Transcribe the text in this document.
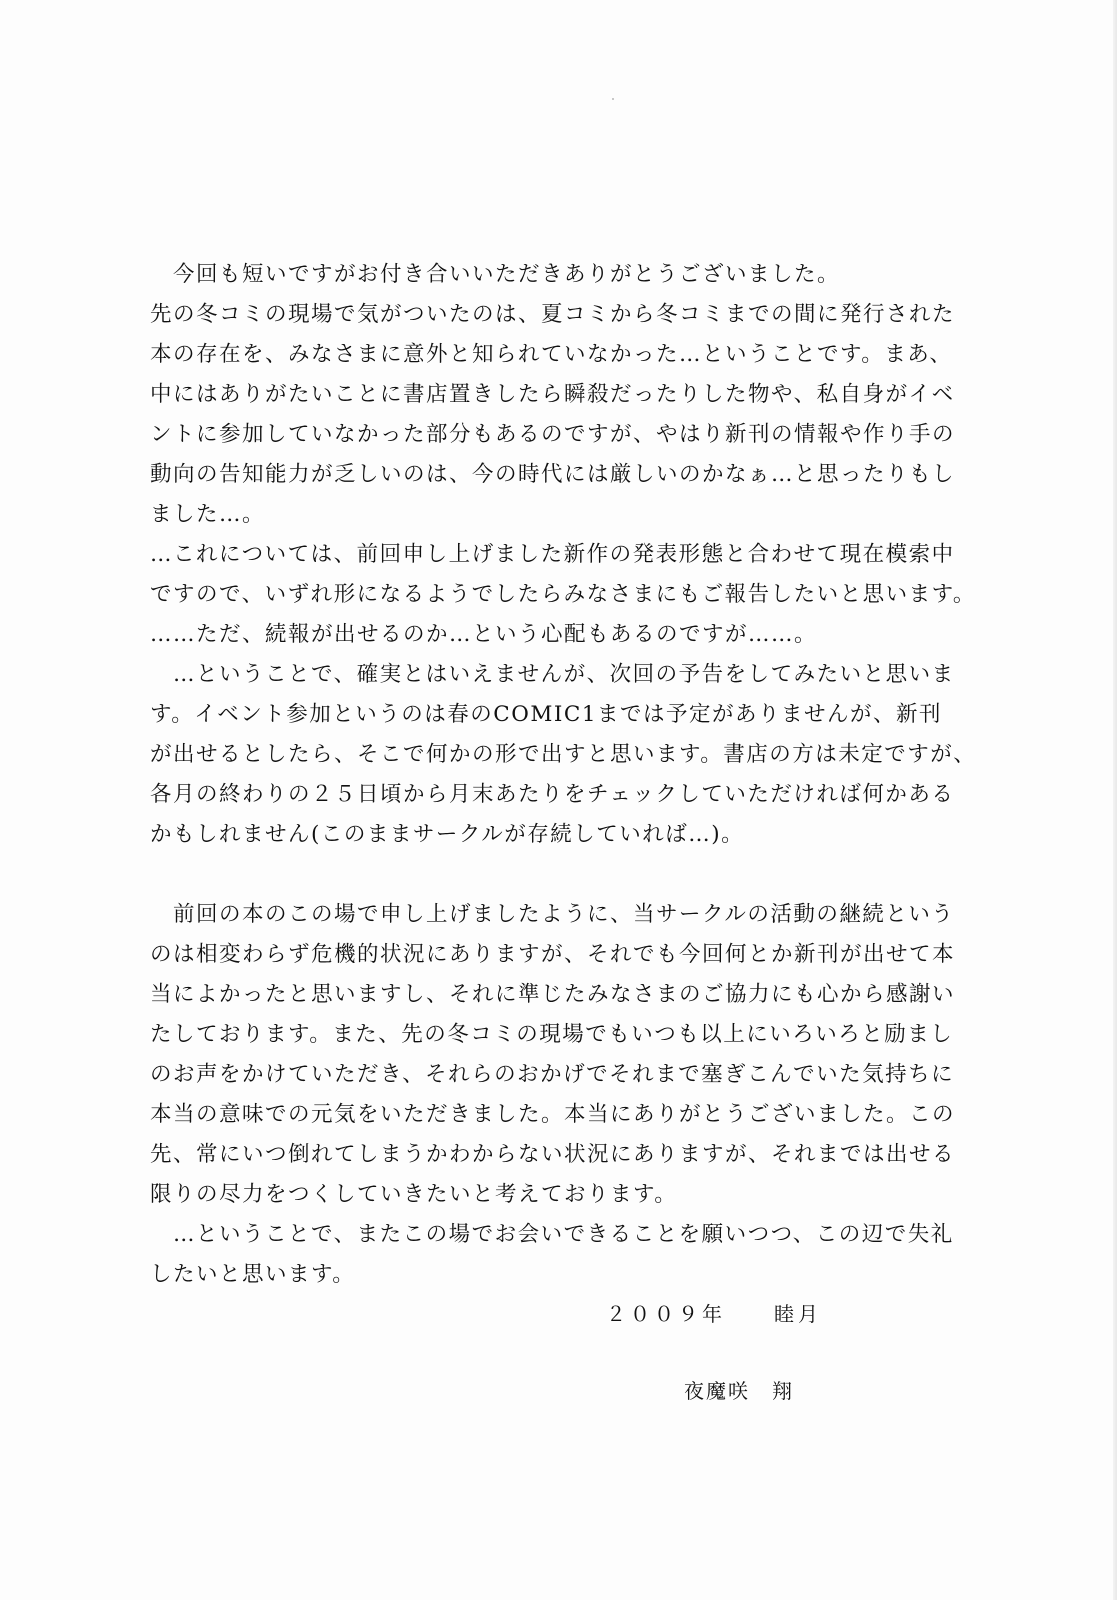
　今回も短いですがお付き合いいただきありがとうございました。
先の冬コミの現場で気がついたのは、夏コミから冬コミまでの間に発行された
本の存在を、みなさまに意外と知られていなかった…ということです。まあ、
中にはありがたいことに書店置きしたら瞬殺だったりした物や、私自身がイベ
ントに参加していなかった部分もあるのですが、やはり新刊の情報や作り手の
動向の告知能力が乏しいのは、今の時代には厳しいのかなぁ…と思ったりもし
ました…。
…これについては、前回申し上げました新作の発表形態と合わせて現在模索中
ですので、いずれ形になるようでしたらみなさまにもご報告したいと思います。
……ただ、続報が出せるのか…という心配もあるのですが……。
　…ということで、確実とはいえませんが、次回の予告をしてみたいと思いま
す。イベント参加というのは春のCOMIC1までは予定がありませんが、新刊
が出せるとしたら、そこで何かの形で出すと思います。書店の方は未定ですが、
各月の終わりの２５日頃から月末あたりをチェックしていただければ何かある
かもしれません(このままサークルが存続していれば…)。
　前回の本のこの場で申し上げましたように、当サークルの活動の継続という
のは相変わらず危機的状況にありますが、それでも今回何とか新刊が出せて本
当によかったと思いますし、それに準じたみなさまのご協力にも心から感謝い
たしております。また、先の冬コミの現場でもいつも以上にいろいろと励まし
のお声をかけていただき、それらのおかげでそれまで塞ぎこんでいた気持ちに
本当の意味での元気をいただきました。本当にありがとうございました。この
先、常にいつ倒れてしまうかわからない状況にありますが、それまでは出せる
限りの尽力をつくしていきたいと考えております。
　…ということで、またこの場でお会いできることを願いつつ、この辺で失礼
したいと思います。
２００９年　　睦月
夜魔咲　翔
